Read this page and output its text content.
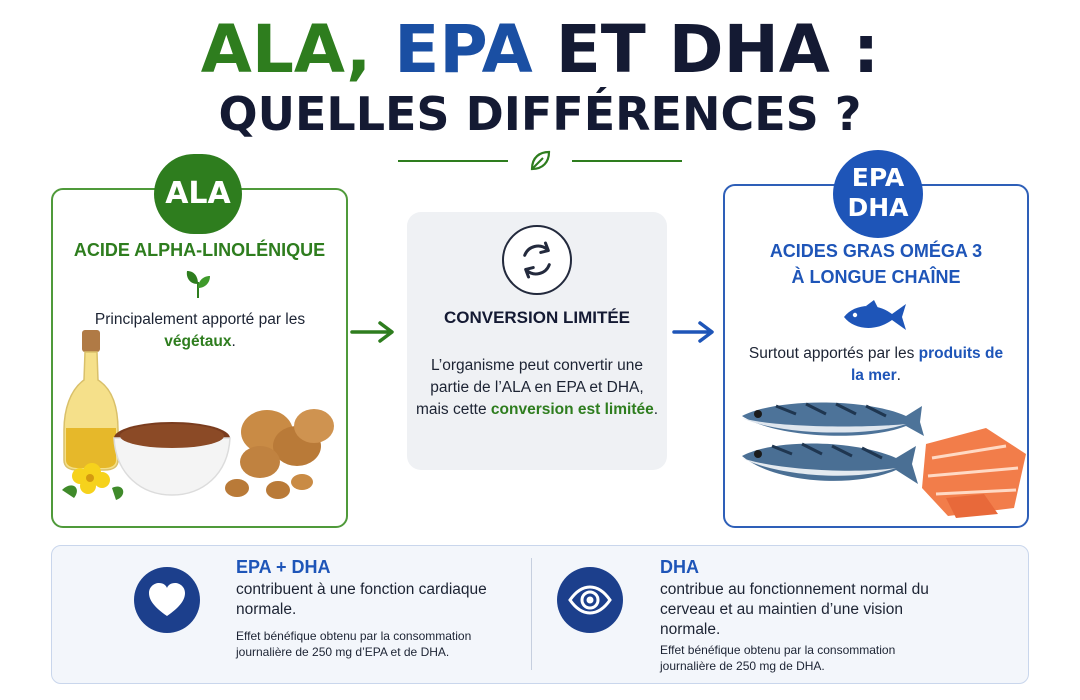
ALA, EPA ET DHA :
QUELLES DIFFÉRENCES ?
ALA
ACIDE ALPHA-LINOLÉNIQUE
Principalement apporté par les végétaux.
CONVERSION LIMITÉE
L’organisme peut convertir une partie de l’ALA en EPA et DHA, mais cette conversion est limitée.
EPA
DHA
ACIDES GRAS OMÉGA 3
À LONGUE CHAÎNE
Surtout apportés par les produits de la mer.
EPA + DHA
contribuent à une fonction cardiaque normale.
Effet bénéfique obtenu par la consommation journalière de 250 mg d’EPA et de DHA.
DHA
contribue au fonctionnement normal du cerveau et au maintien d’une vision normale.
Effet bénéfique obtenu par la consommation journalière de 250 mg de DHA.
